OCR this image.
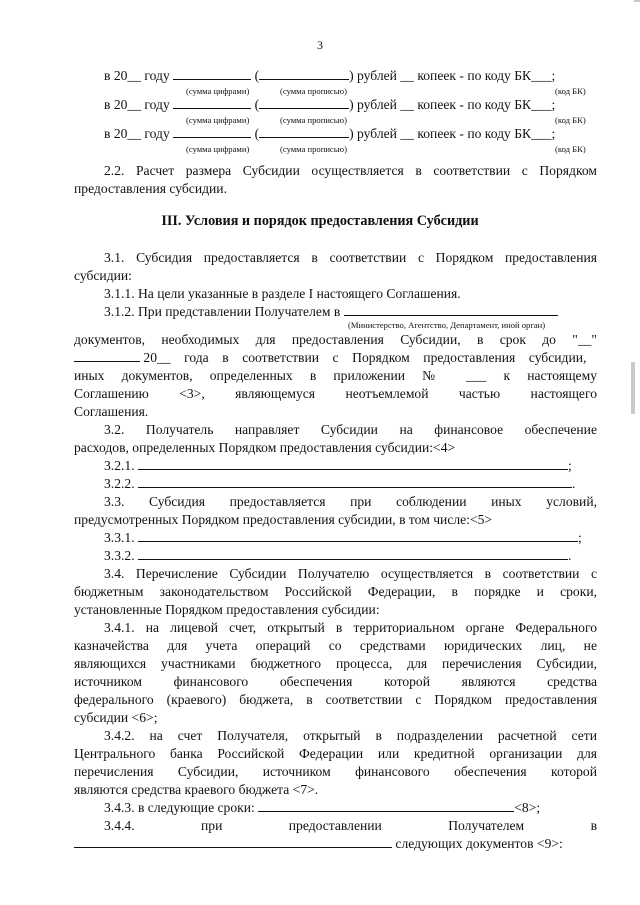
3
в 20__ году	(	) рублей __ копеек - по коду БК___;
(сумма цифрами)	(сумма прописью)	(код БК)
в 20__ году	(	) рублей __ копеек - по коду БК___;
(сумма цифрами)	(сумма прописью)	(код БК)
в 20__ году	(	) рублей __ копеек - по коду БК___;
(сумма цифрами)	(сумма прописью)	(код БК)
2.2. Расчет размера Субсидии осуществляется в соответствии с Порядком
предоставления субсидии.
III. Условия и порядок предоставления Субсидии
3.1. Субсидия предоставляется в соответствии с Порядком предоставления
субсидии:
3.1.1. На цели указанные в разделе I настоящего Соглашения.
3.1.2. При представлении Получателем в
(Министерство, Агентство, Департамент, иной орган)
документов, необходимых для предоставления Субсидии, в срок до "__"
20__ года в соответствии с Порядком предоставления субсидии,
иных документов, определенных в приложении № ___ к настоящему
Соглашению <3>, являющемуся неотъемлемой частью настоящего
Соглашения.
3.2. Получатель направляет Субсидии на финансовое обеспечение
расходов, определенных Порядком предоставления субсидии:<4>
3.2.1.	;
3.2.2.	.
3.3. Субсидия предоставляется при соблюдении иных условий,
предусмотренных Порядком предоставления субсидии, в том числе:<5>
3.3.1.	;
3.3.2.	.
3.4. Перечисление Субсидии Получателю осуществляется в соответствии с
бюджетным законодательством Российской Федерации, в порядке и сроки,
установленные Порядком предоставления субсидии:
3.4.1. на лицевой счет, открытый в территориальном органе Федерального
казначейства для учета операций со средствами юридических лиц, не
являющихся участниками бюджетного процесса, для перечисления Субсидии,
источником финансового обеспечения которой являются средства
федерального (краевого) бюджета, в соответствии с Порядком предоставления
субсидии <6>;
3.4.2. на счет Получателя, открытый в подразделении расчетной сети
Центрального банка Российской Федерации или кредитной организации для
перечисления Субсидии, источником финансового обеспечения которой
являются средства краевого бюджета <7>.
3.4.3. в следующие сроки:	<8>;
3.4.4. при предоставлении Получателем в
следующих документов <9>:
